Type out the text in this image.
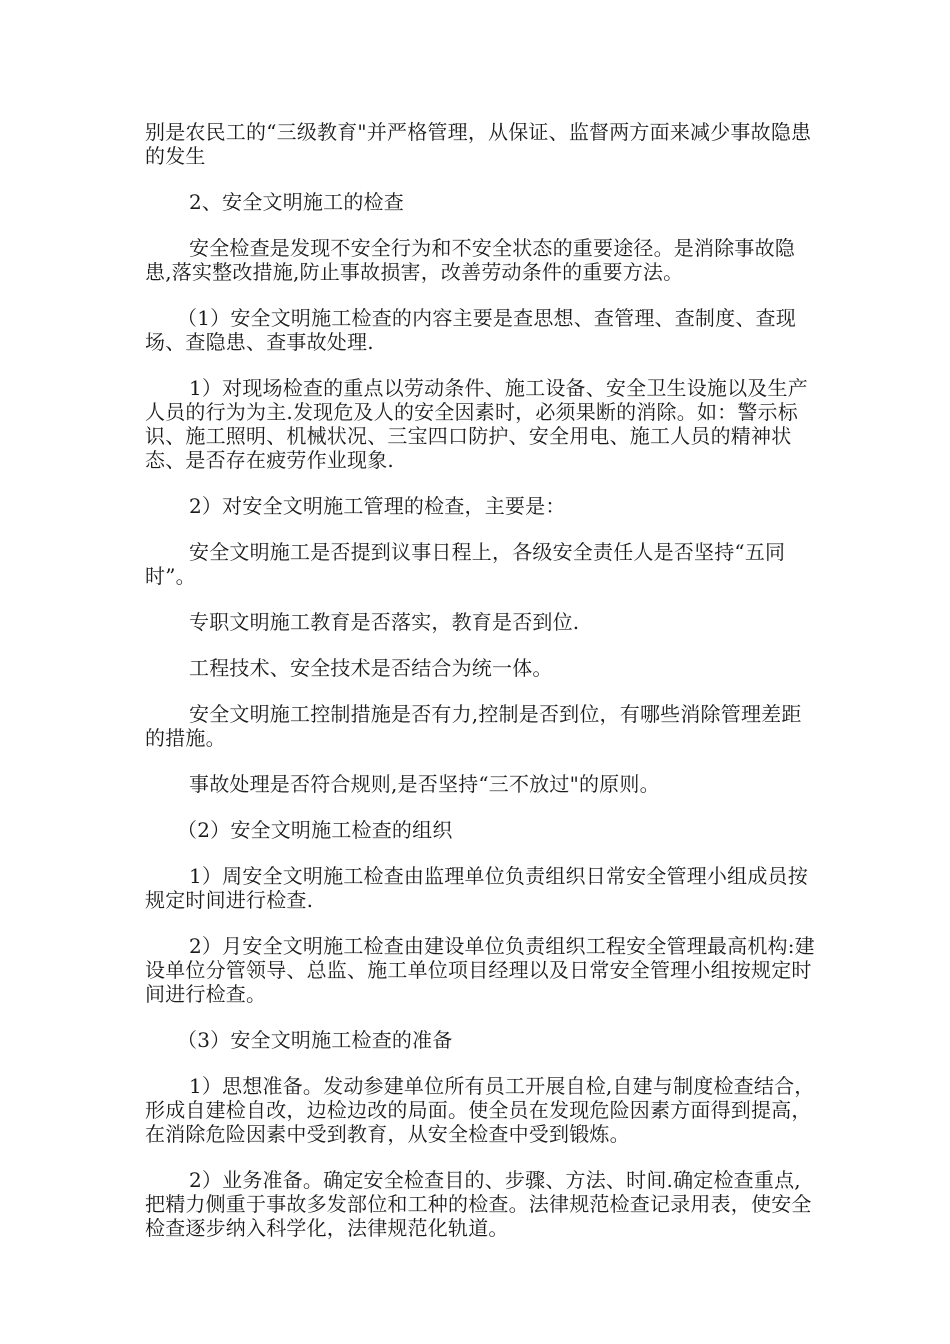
别是农民工的“三级教育"并严格管理，从保证、监督两方面来减少事故隐患的发生

2、安全文明施工的检查

安全检查是发现不安全行为和不安全状态的重要途径。是消除事故隐患,落实整改措施,防止事故损害，改善劳动条件的重要方法。

（1）安全文明施工检查的内容主要是查思想、查管理、查制度、查现场、查隐患、查事故处理.

1）对现场检查的重点以劳动条件、施工设备、安全卫生设施以及生产人员的行为为主.发现危及人的安全因素时，必须果断的消除。如：警示标识、施工照明、机械状况、三宝四口防护、安全用电、施工人员的精神状态、是否存在疲劳作业现象.

2）对安全文明施工管理的检查，主要是：

安全文明施工是否提到议事日程上，各级安全责任人是否坚持“五同时”。

专职文明施工教育是否落实，教育是否到位.

工程技术、安全技术是否结合为统一体。

安全文明施工控制措施是否有力,控制是否到位，有哪些消除管理差距的措施。

事故处理是否符合规则,是否坚持“三不放过"的原则。

（2）安全文明施工检查的组织

1）周安全文明施工检查由监理单位负责组织日常安全管理小组成员按规定时间进行检查.

2）月安全文明施工检查由建设单位负责组织工程安全管理最高机构:建设单位分管领导、总监、施工单位项目经理以及日常安全管理小组按规定时间进行检查。

（3）安全文明施工检查的准备

1）思想准备。发动参建单位所有员工开展自检,自建与制度检查结合，形成自建检自改，边检边改的局面。使全员在发现危险因素方面得到提高，在消除危险因素中受到教育，从安全检查中受到锻炼。

2）业务准备。确定安全检查目的、步骤、方法、时间.确定检查重点,把精力侧重于事故多发部位和工种的检查。法律规范检查记录用表，使安全检查逐步纳入科学化，法律规范化轨道。
